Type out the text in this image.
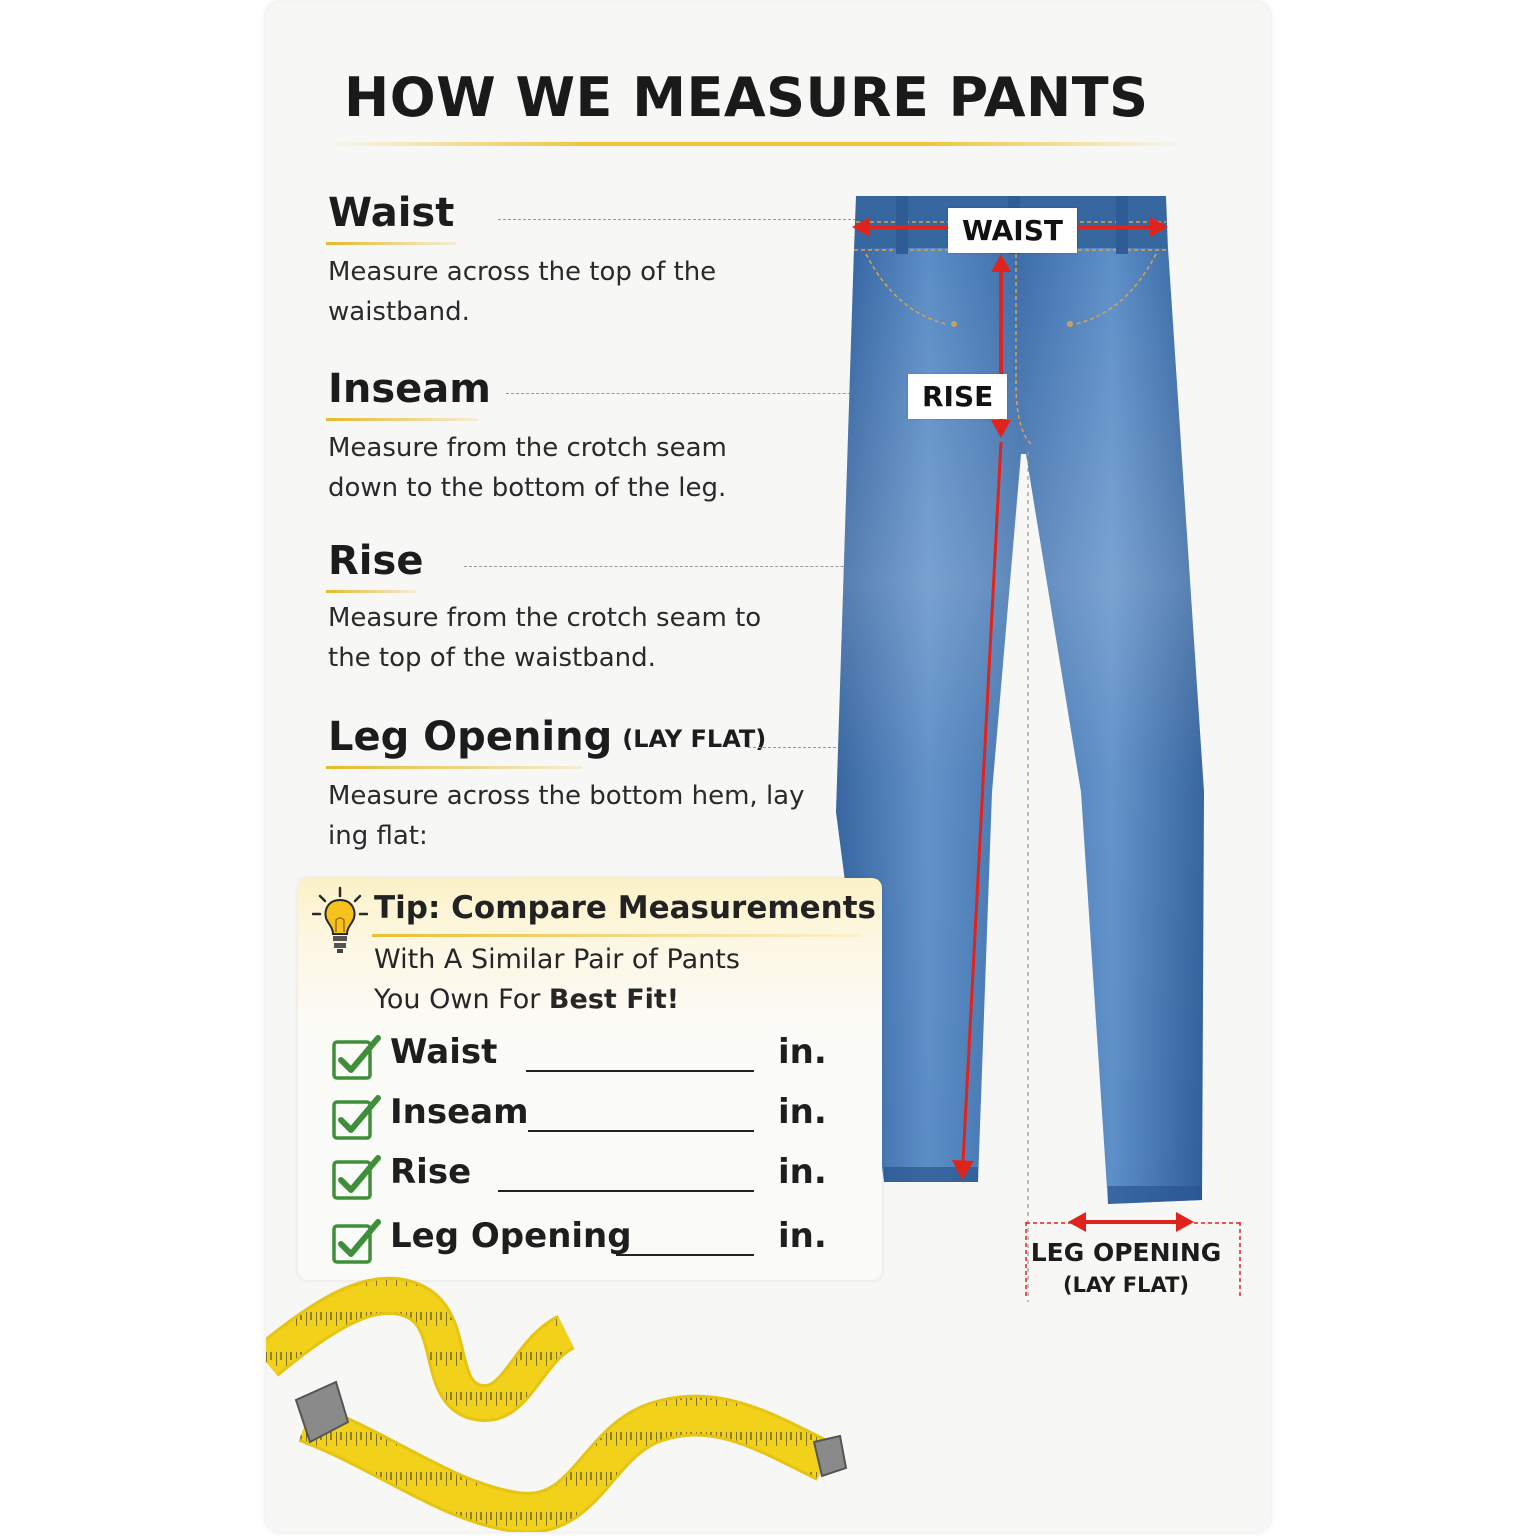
HOW WE MEASURE PANTS
Waist

Measure across the top of the waistband.

Inseam

Measure from the crotch seam down to the bottom of the leg.

Rise

Measure from the crotch seam to the top of the waistband.

Leg Opening (LAY FLAT)

Measure across the bottom hem, lay ing flat:

WAIST
RISE
LEG OPENING
(LAY FLAT)
Tip: Compare Measurements

With A Similar Pair of Pants
You Own For Best Fit!

Waist	in.
Inseam	in.
Rise	in.
Leg Opening	in.
